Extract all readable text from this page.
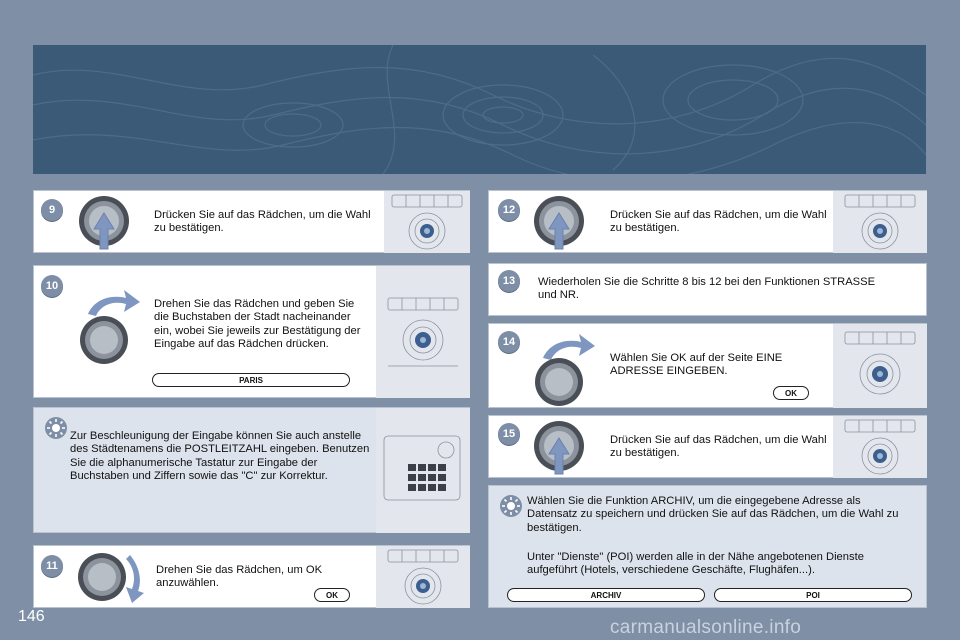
9	Drücken Sie auf das Rädchen, um die Wahl zu bestätigen.
10
Drehen Sie das Rädchen und geben Sie die Buchstaben der Stadt nacheinander ein, wobei Sie jeweils zur Bestätigung der Eingabe auf das Rädchen drücken.
PARIS
Zur Beschleunigung der Eingabe können Sie auch anstelle des Städtenamens die POSTLEITZAHL eingeben. Benutzen Sie die alphanumerische Tastatur zur Eingabe der Buchstaben und Ziffern sowie das "C" zur Korrektur.
11	Drehen Sie das Rädchen, um OK anzuwählen.
OK
12	Drücken Sie auf das Rädchen, um die Wahl zu bestätigen.
13	Wiederholen Sie die Schritte 8 bis 12 bei den Funktionen STRASSE und NR.
14
Wählen Sie OK auf der Seite EINE ADRESSE EINGEBEN.
OK
15	Drücken Sie auf das Rädchen, um die Wahl zu bestätigen.
Wählen Sie die Funktion ARCHIV, um die eingegebene Adresse als Datensatz zu speichern und drücken Sie auf das Rädchen, um die Wahl zu bestätigen.
Unter "Dienste" (POI) werden alle in der Nähe angebotenen Dienste aufgeführt (Hotels, verschiedene Geschäfte, Flughäfen...).
ARCHIV	POI
146
carmanualsonline.info
